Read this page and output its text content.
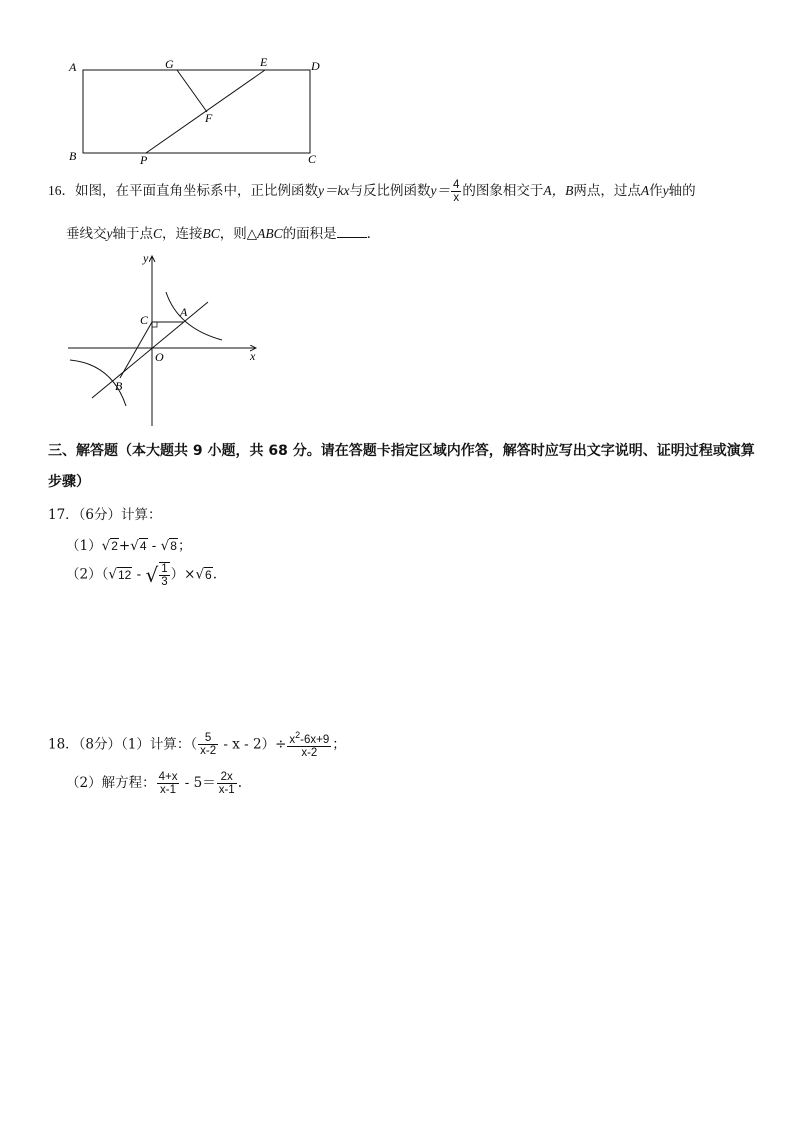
A	G	E	D
F
B	P	C
16．如图，在平面直角坐标系中，正比例函数y＝kx与反比例函数$y= \frac{4}{x}$ 的图象相交于A，B两点，过点A作y轴的
垂线交y轴于点C，连接BC，则△ABC的面积是 ．
y
x
O
C
A
B
三、解答题（本大题共 9 小题，共 68 分。请在答题卡指定区域内作答，解答时应写出文字说明、证明过程或演算
步骤）
17．（6分）计算：
（1）√2+√4 - √8；
（2）（√12 - √ $\frac{1}{3} )\times√6$.
18．（8分）（1）计算：（ $\frac{5}{x-2} - x - 2)\div \frac{x^2-6x+9}{x-2}$ ；
（2）解方程： $\frac{4+x}{x-1} - 5= \frac{2x}{x-1}$ .
